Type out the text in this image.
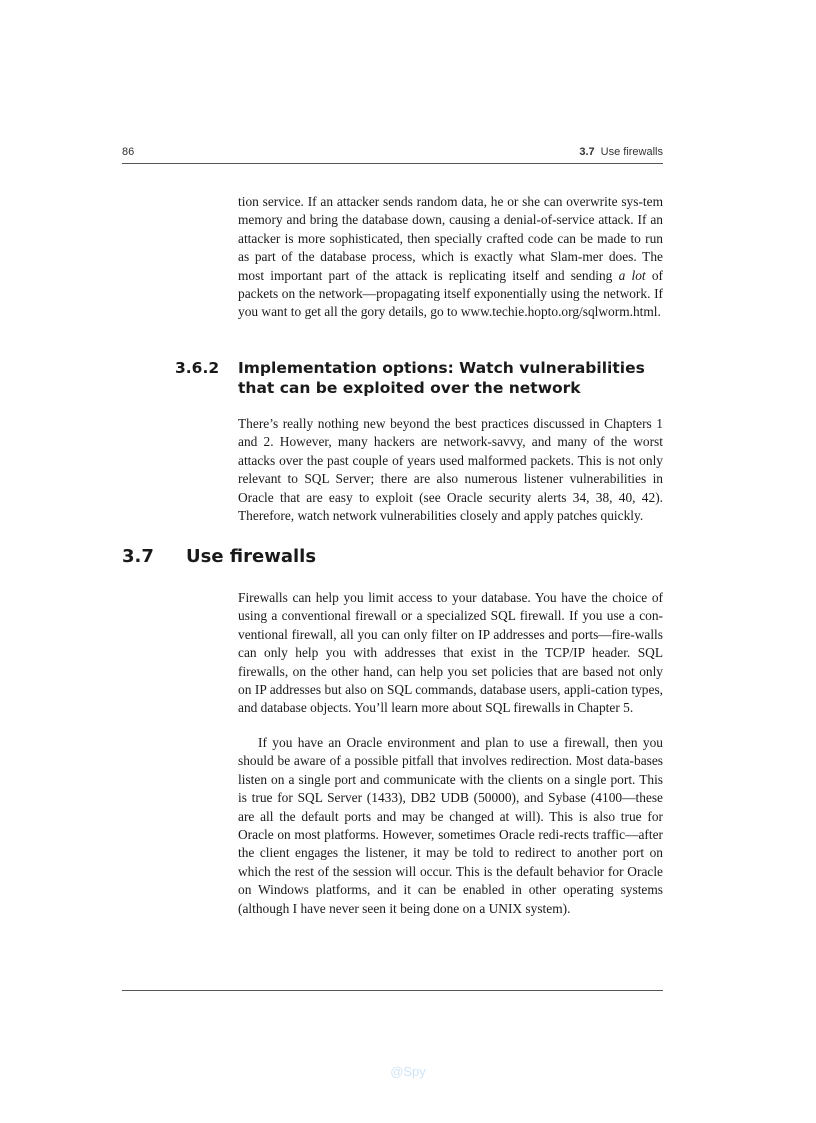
86	3.7 Use firewalls

tion service. If an attacker sends random data, he or she can overwrite sys-tem memory and bring the database down, causing a denial-of-service attack. If an attacker is more sophisticated, then specially crafted code can be made to run as part of the database process, which is exactly what Slam-mer does. The most important part of the attack is replicating itself and sending a lot of packets on the network—propagating itself exponentially using the network. If you want to get all the gory details, go to www.techie.hopto.org/sqlworm.html.

3.6.2 Implementation options: Watch vulnerabilities that can be exploited over the network

There’s really nothing new beyond the best practices discussed in Chapters 1 and 2. However, many hackers are network-savvy, and many of the worst attacks over the past couple of years used malformed packets. This is not only relevant to SQL Server; there are also numerous listener vulnerabilities in Oracle that are easy to exploit (see Oracle security alerts 34, 38, 40, 42). Therefore, watch network vulnerabilities closely and apply patches quickly.

3.7 Use firewalls

Firewalls can help you limit access to your database. You have the choice of using a conventional firewall or a specialized SQL firewall. If you use a con-ventional firewall, all you can only filter on IP addresses and ports—fire-walls can only help you with addresses that exist in the TCP/IP header. SQL firewalls, on the other hand, can help you set policies that are based not only on IP addresses but also on SQL commands, database users, appli-cation types, and database objects. You’ll learn more about SQL firewalls in Chapter 5.

If you have an Oracle environment and plan to use a firewall, then you should be aware of a possible pitfall that involves redirection. Most data-bases listen on a single port and communicate with the clients on a single port. This is true for SQL Server (1433), DB2 UDB (50000), and Sybase (4100—these are all the default ports and may be changed at will). This is also true for Oracle on most platforms. However, sometimes Oracle redi-rects traffic—after the client engages the listener, it may be told to redirect to another port on which the rest of the session will occur. This is the default behavior for Oracle on Windows platforms, and it can be enabled in other operating systems (although I have never seen it being done on a UNIX system).

@Spy
